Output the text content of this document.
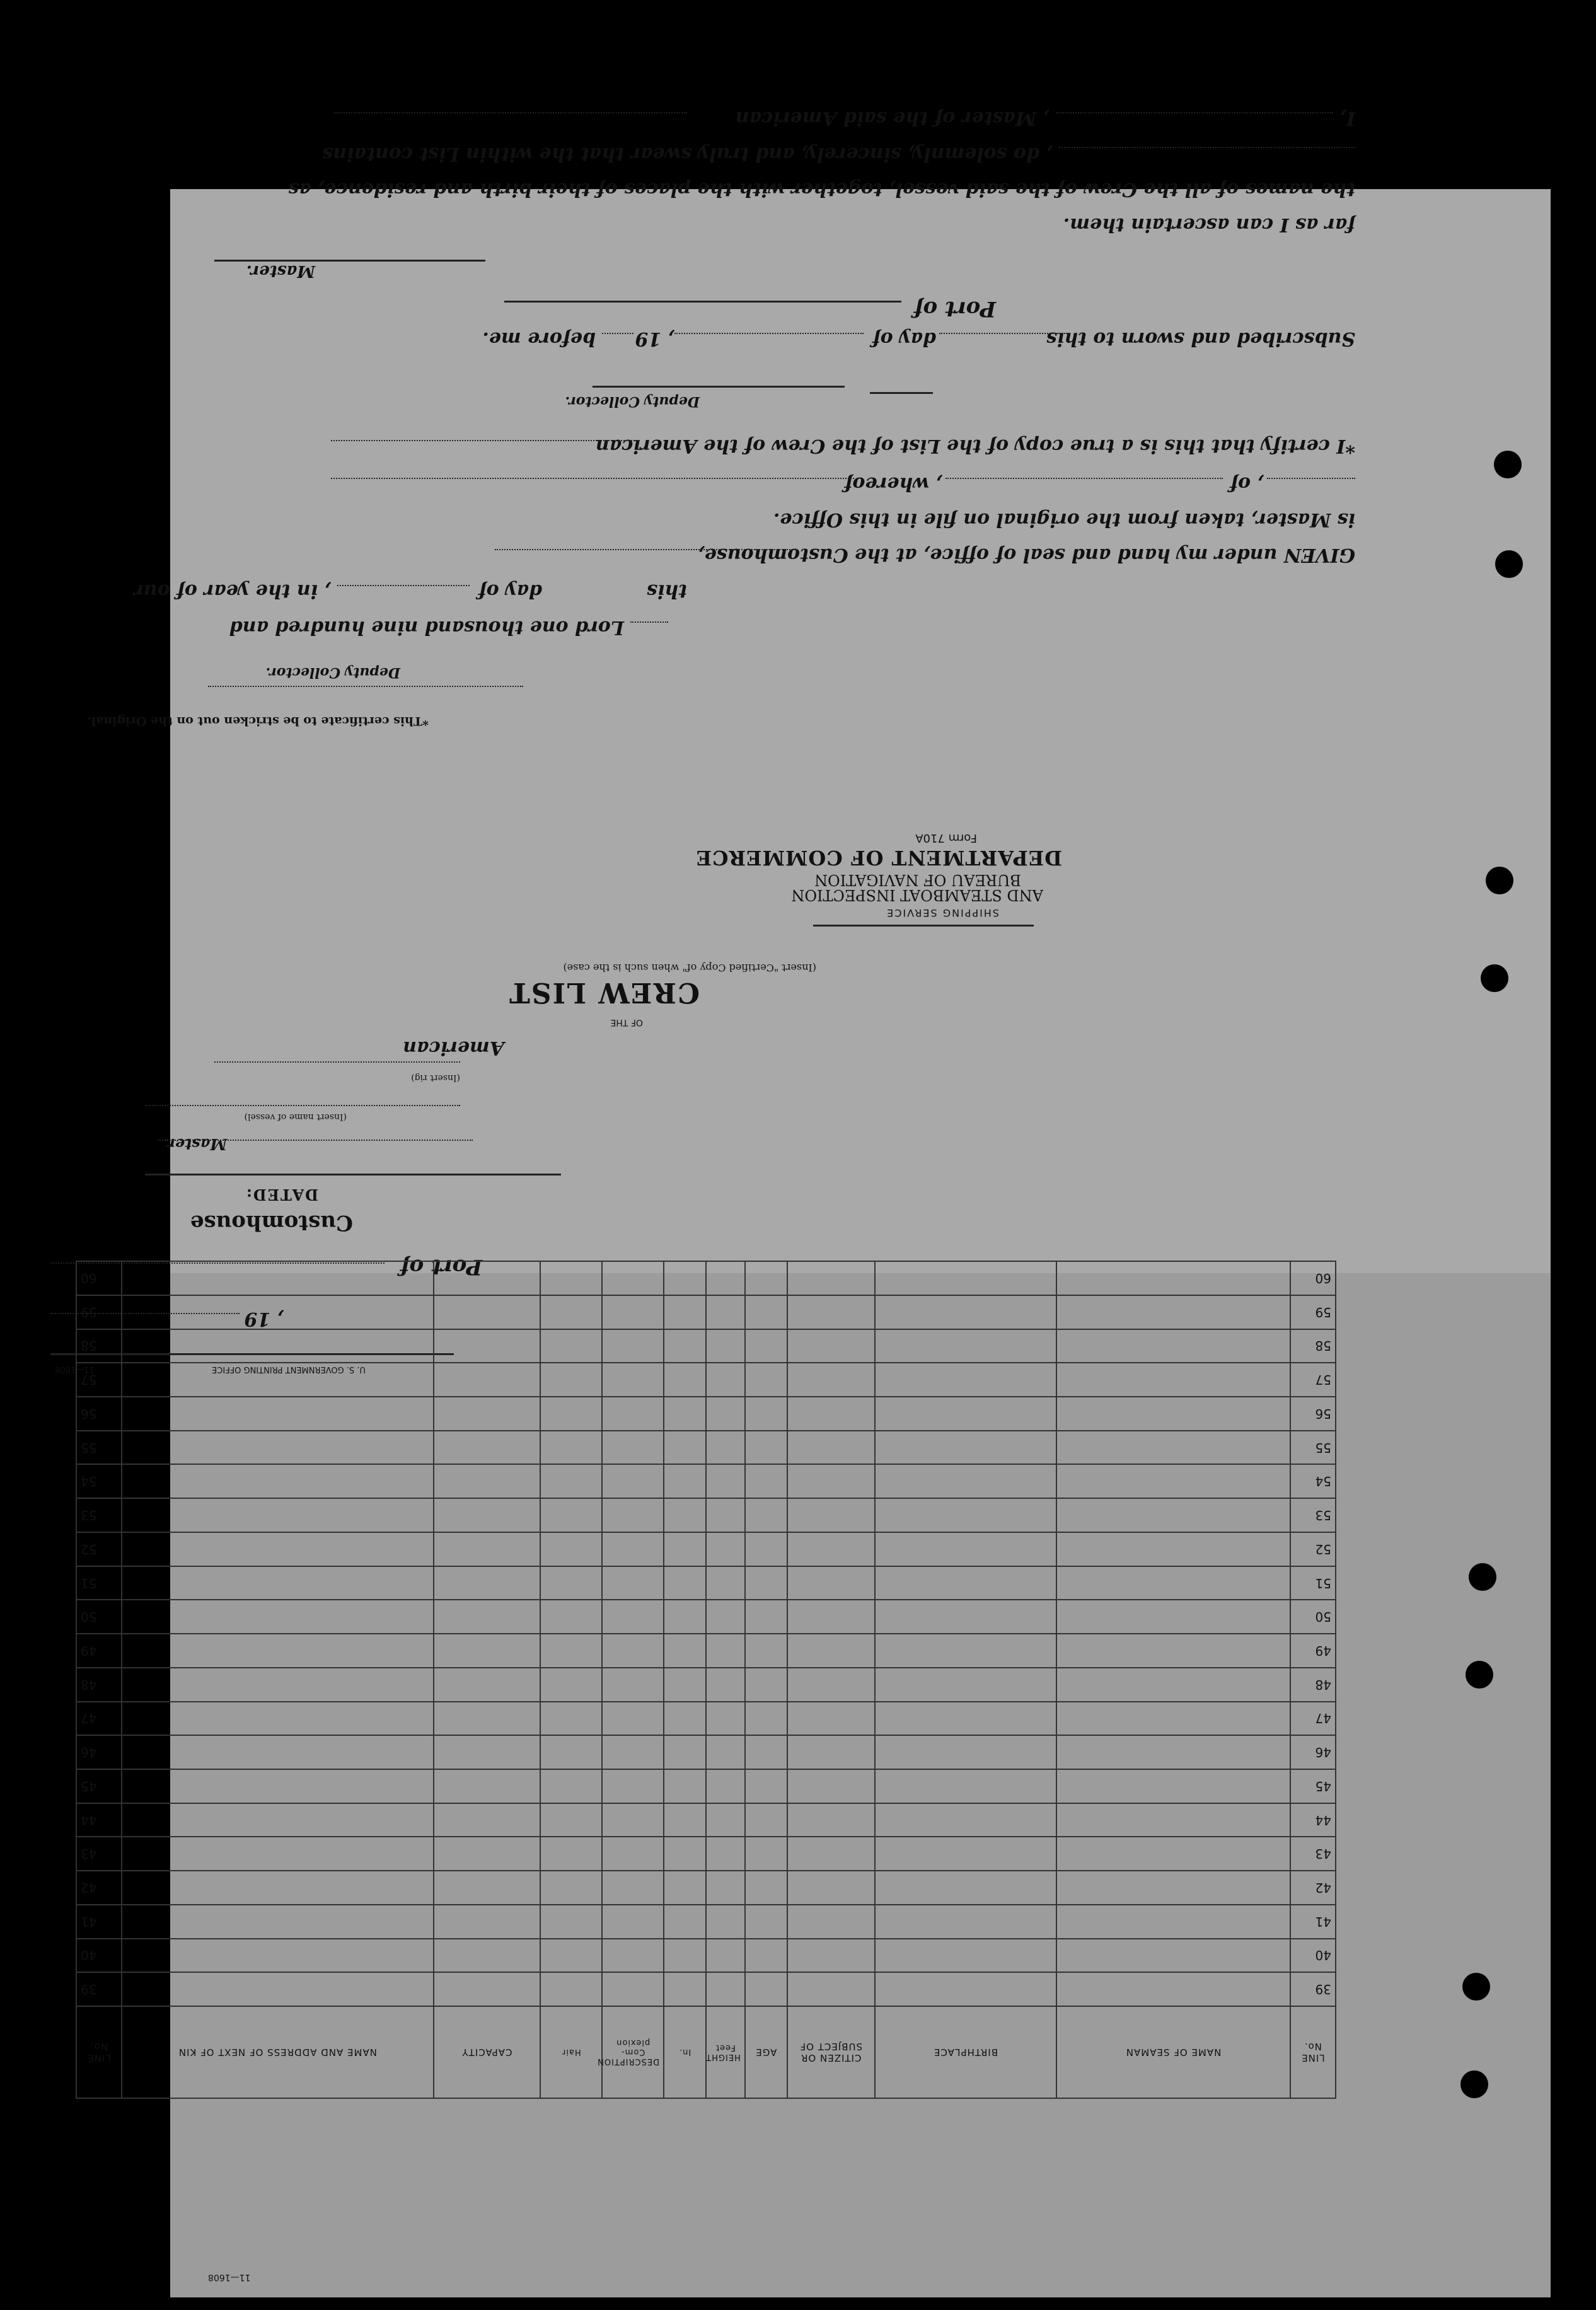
I,
, Master of the said American
, do solemnly, sincerely, and truly swear that the within List contains
the names of all the Crew of the said vessel, together with the places of their birth and residence, as
far as I can ascertain them.
Master.
Port of
Subscribed and sworn to this
day of
, 19
before me.
Deputy Collector.
*I certify that this is a true copy of the List of the Crew of the American
, of
, whereof
is Master, taken from the original on file in this Office.
GIVEN under my hand and seal of office, at the Customhouse,
this
day of
, in the year of our
Lord one thousand nine hundred and
Deputy Collector.
*This certificate to be stricken out on the Original.
Form 710A
DEPARTMENT OF COMMERCE
BUREAU OF NAVIGATION
AND STEAMBOAT INSPECTION
SHIPPING SERVICE
(Insert "Certified Copy of" when such is the case)
CREW LIST
OF THE
American
(Insert rig)
(Insert name of vessel)
Master.
DATED:
Customhouse
Port of
, 19
U. S. GOVERNMENT PRINTING OFFICE
11—1608
LINE No.	NAME OF SEAMAN	BIRTHPLACE	CITIZEN OR SUBJECT OF	AGE	HEIGHT
Feet	In.	DESCRIPTION
Com- plexion	Hair	CAPACITY	NAME AND ADDRESS OF NEXT OF KIN	LINE No.
39											39
40											40
41											41
42											42
43											43
44											44
45											45
46											46
47											47
48											48
49											49
50											50
51											51
52											52
53											53
54											54
55											55
56											56
57											57
58											58
59											59
60											60
11—1608
